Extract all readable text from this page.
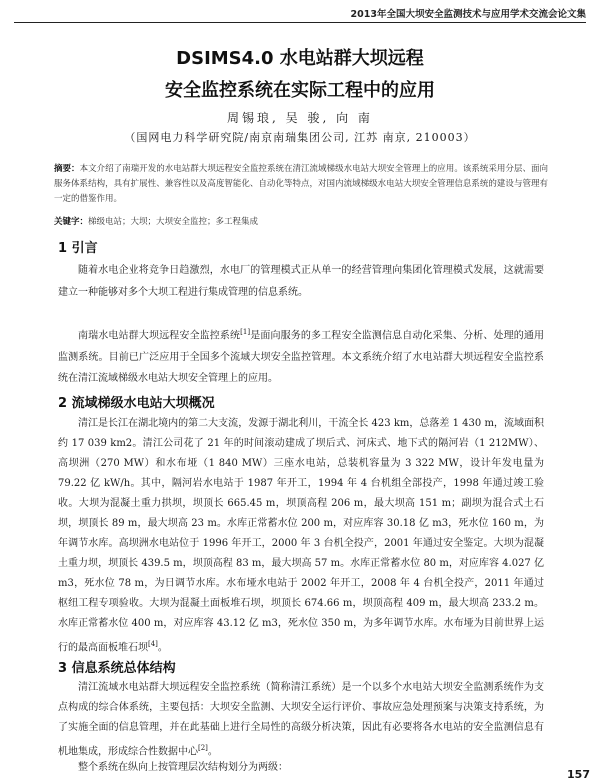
2013年全国大坝安全监测技术与应用学术交流会论文集
DSIMS4.0 水电站群大坝远程
安全监控系统在实际工程中的应用
周锡琅, 吴 骏, 向 南
（国网电力科学研究院/南京南瑞集团公司, 江苏 南京, 210003）
摘要：本文介绍了南瑞开发的水电站群大坝远程安全监控系统在清江流域梯级水电站大坝安全管理上的应用。该系统采用分层、面向服务体系结构，具有扩展性、兼容性以及高度智能化、自动化等特点，对国内流域梯级水电站大坝安全管理信息系统的建设与管理有一定的借鉴作用。
关键字：梯级电站；大坝；大坝安全监控；多工程集成
1 引言
随着水电企业将竞争日趋激烈，水电厂的管理模式正从单一的经营管理向集团化管理模式发展，这就需要建立一种能够对多个大坝工程进行集成管理的信息系统。
南瑞水电站群大坝远程安全监控系统[1]是面向服务的多工程安全监测信息自动化采集、分析、处理的通用监测系统。目前已广泛应用于全国多个流域大坝安全监控管理。本文系统介绍了水电站群大坝远程安全监控系统在清江流域梯级水电站大坝安全管理上的应用。
2 流域梯级水电站大坝概况
清江是长江在湖北境内的第二大支流，发源于湖北利川，干流全长 423 km，总落差 1 430 m，流域面积约 17 039 km2。清江公司花了 21 年的时间滚动建成了坝后式、河床式、地下式的隔河岩（1 212MW）、高坝洲（270 MW）和水布垭（1 840 MW）三座水电站，总装机容量为 3 322 MW，设计年发电量为 79.22 亿 kW/h。其中，隔河岩水电站于 1987 年开工，1994 年 4 台机组全部投产，1998 年通过竣工验收。大坝为混凝土重力拱坝，坝顶长 665.45 m，坝顶高程 206 m，最大坝高 151 m；副坝为混合式土石坝，坝顶长 89 m，最大坝高 23 m。水库正常蓄水位 200 m，对应库容 30.18 亿 m3，死水位 160 m，为年调节水库。高坝洲水电站位于 1996 年开工，2000 年 3 台机全投产，2001 年通过安全鉴定。大坝为混凝土重力坝，坝顶长 439.5 m，坝顶高程 83 m，最大坝高 57 m。水库正常蓄水位 80 m，对应库容 4.027 亿 m3，死水位 78 m，为日调节水库。水布垭水电站于 2002 年开工，2008 年 4 台机全投产，2011 年通过枢纽工程专项验收。大坝为混凝土面板堆石坝，坝顶长 674.66 m，坝顶高程 409 m，最大坝高 233.2 m。水库正常蓄水位 400 m，对应库容 43.12 亿 m3，死水位 350 m，为多年调节水库。水布垭为目前世界上运行的最高面板堆石坝[4]。
3 信息系统总体结构
清江流域水电站群大坝远程安全监控系统（简称清江系统）是一个以多个水电站大坝安全监测系统作为支点构成的综合体系统，主要包括：大坝安全监测、大坝安全运行评价、事故应急处理预案与决策支持系统，为了实施全面的信息管理，并在此基础上进行全局性的高级分析决策，因此有必要将各水电站的安全监测信息有机地集成，形成综合性数据中心[2]。
整个系统在纵向上按管理层次结构划分为两级：
157
